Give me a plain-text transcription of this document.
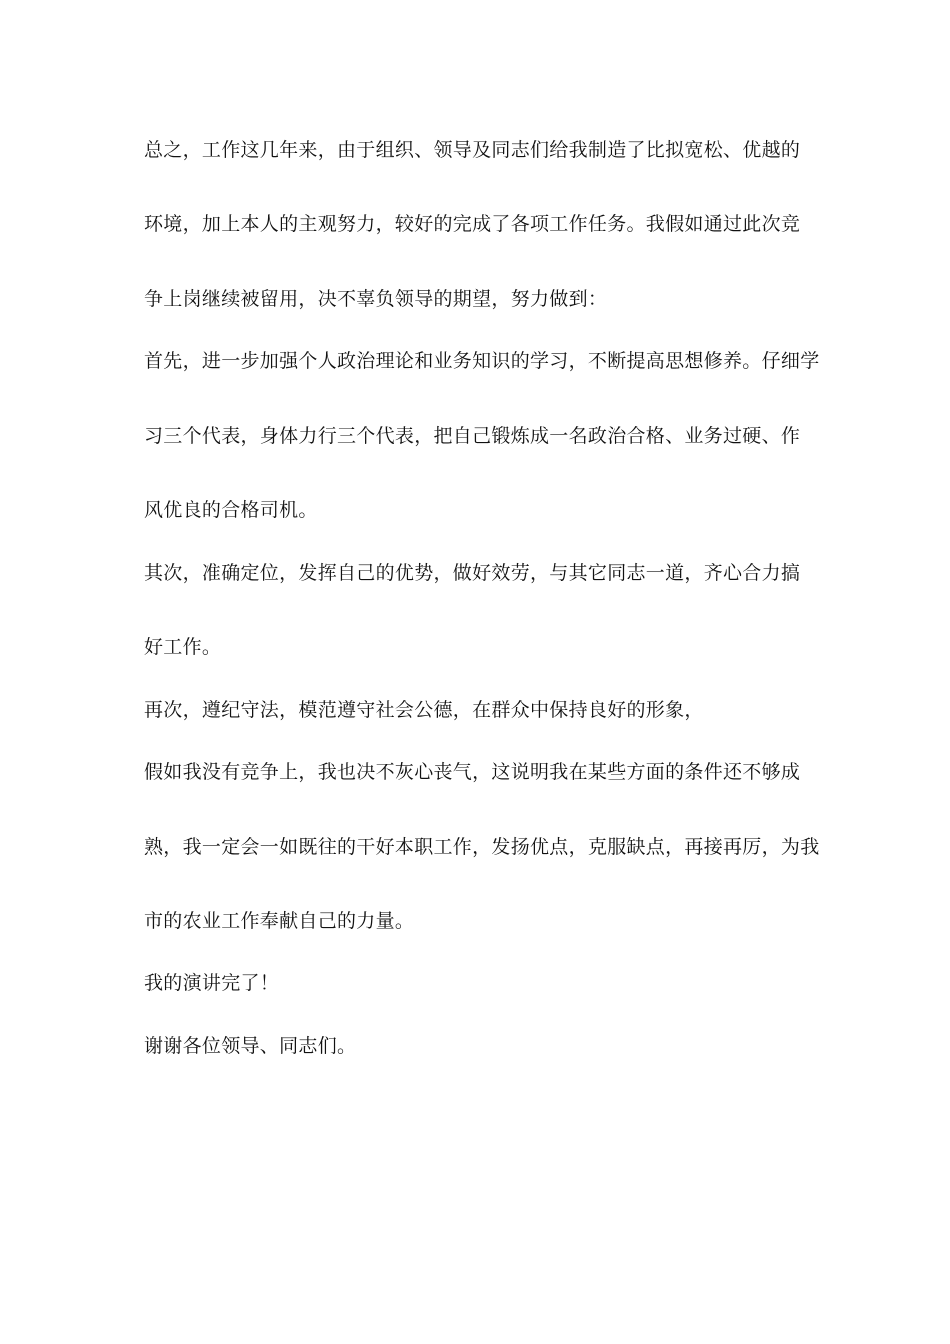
总之，工作这几年来，由于组织、领导及同志们给我制造了比拟宽松、优越的
环境，加上本人的主观努力，较好的完成了各项工作任务。我假如通过此次竞
争上岗继续被留用，决不辜负领导的期望，努力做到：
首先，进一步加强个人政治理论和业务知识的学习，不断提高思想修养。仔细学
习三个代表，身体力行三个代表，把自己锻炼成一名政治合格、业务过硬、作
风优良的合格司机。
其次，准确定位，发挥自己的优势，做好效劳，与其它同志一道，齐心合力搞
好工作。
再次，遵纪守法，模范遵守社会公德，在群众中保持良好的形象，
假如我没有竞争上，我也决不灰心丧气，这说明我在某些方面的条件还不够成
熟，我一定会一如既往的干好本职工作，发扬优点，克服缺点，再接再厉，为我
市的农业工作奉献自己的力量。
我的演讲完了！
谢谢各位领导、同志们。
